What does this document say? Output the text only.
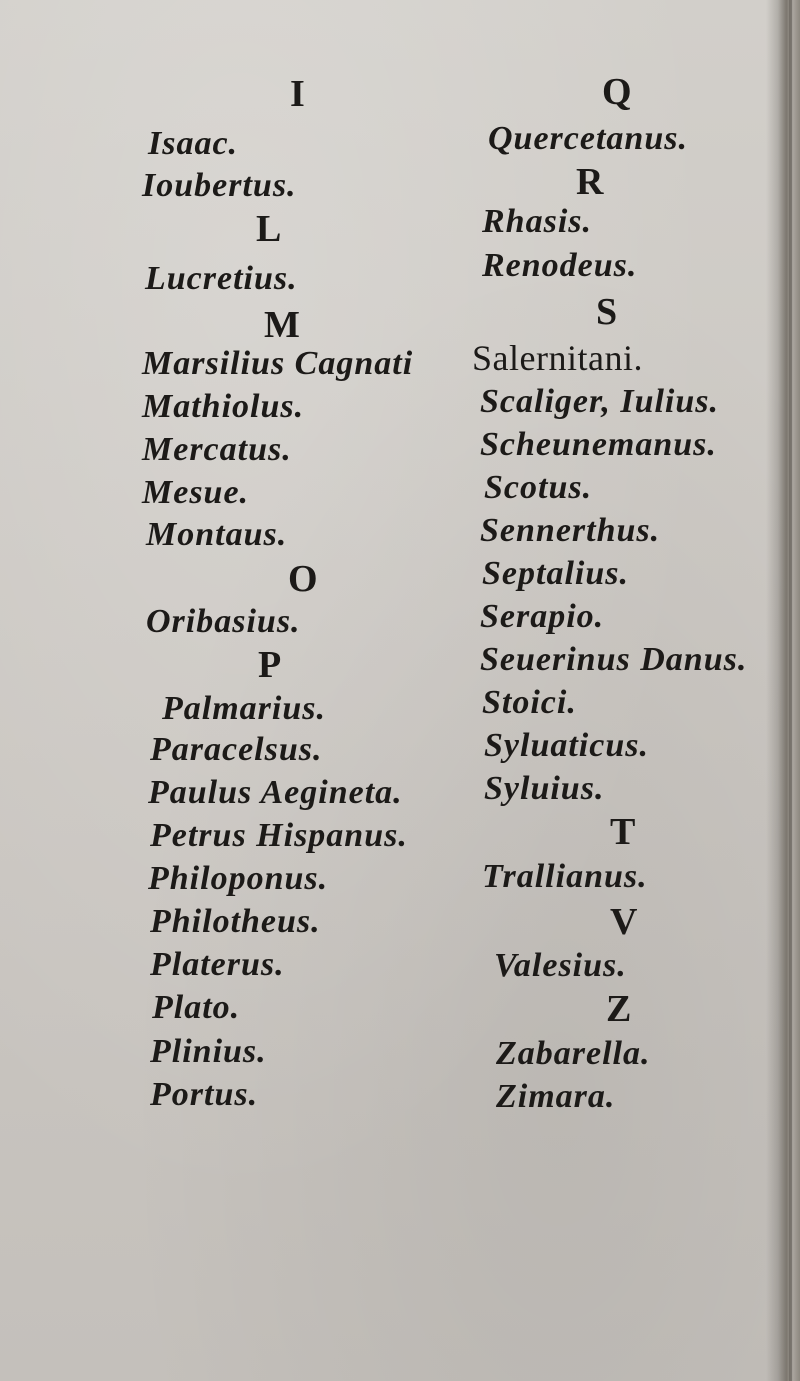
I
Isaac.
Ioubertus.
L
Lucretius.
M
Marsilius Cagnati
Mathiolus.
Mercatus.
Mesue.
Montaus.
O
Oribasius.
P
Palmarius.
Paracelsus.
Paulus Aegineta.
Petrus Hispanus.
Philoponus.
Philotheus.
Platerus.
Plato.
Plinius.
Portus.
Q
Quercetanus.
R
Rhasis.
Renodeus.
S
Salernitani.
Scaliger, Iulius.
Scheunemanus.
Scotus.
Sennerthus.
Septalius.
Serapio.
Seuerinus Danus.
Stoici.
Syluaticus.
Syluius.
T
Trallianus.
V
Valesius.
Z
Zabarella.
Zimara.
